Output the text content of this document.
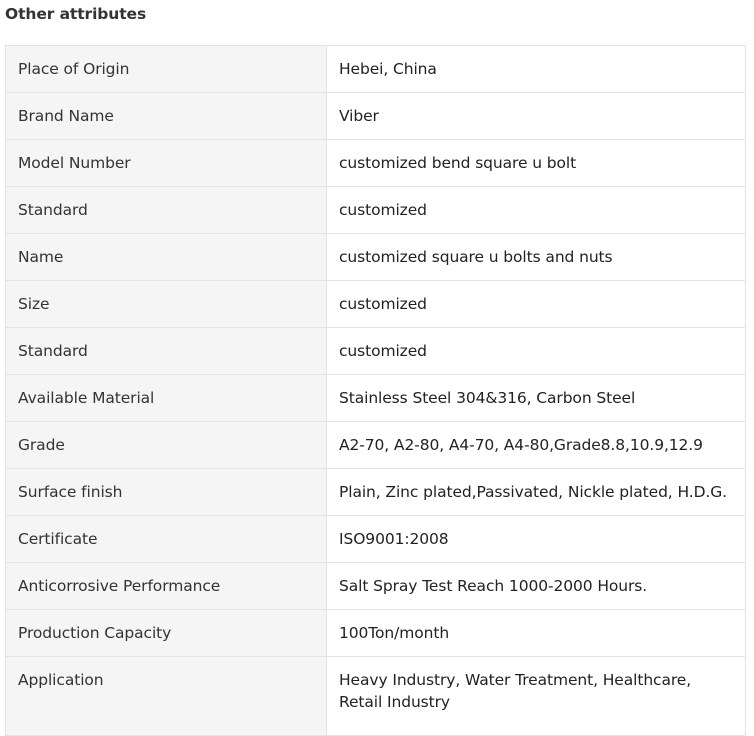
Other attributes
Place of Origin	Hebei, China
Brand Name	Viber
Model Number	customized bend square u bolt
Standard	customized
Name	customized square u bolts and nuts
Size	customized
Standard	customized
Available Material	Stainless Steel 304&316, Carbon Steel
Grade	A2-70, A2-80, A4-70, A4-80,Grade8.8,10.9,12.9
Surface finish	Plain, Zinc plated,Passivated, Nickle plated, H.D.G.
Certificate	ISO9001:2008
Anticorrosive Performance	Salt Spray Test Reach 1000-2000 Hours.
Production Capacity	100Ton/month
Application	Heavy Industry, Water Treatment, Healthcare, Retail Industry
